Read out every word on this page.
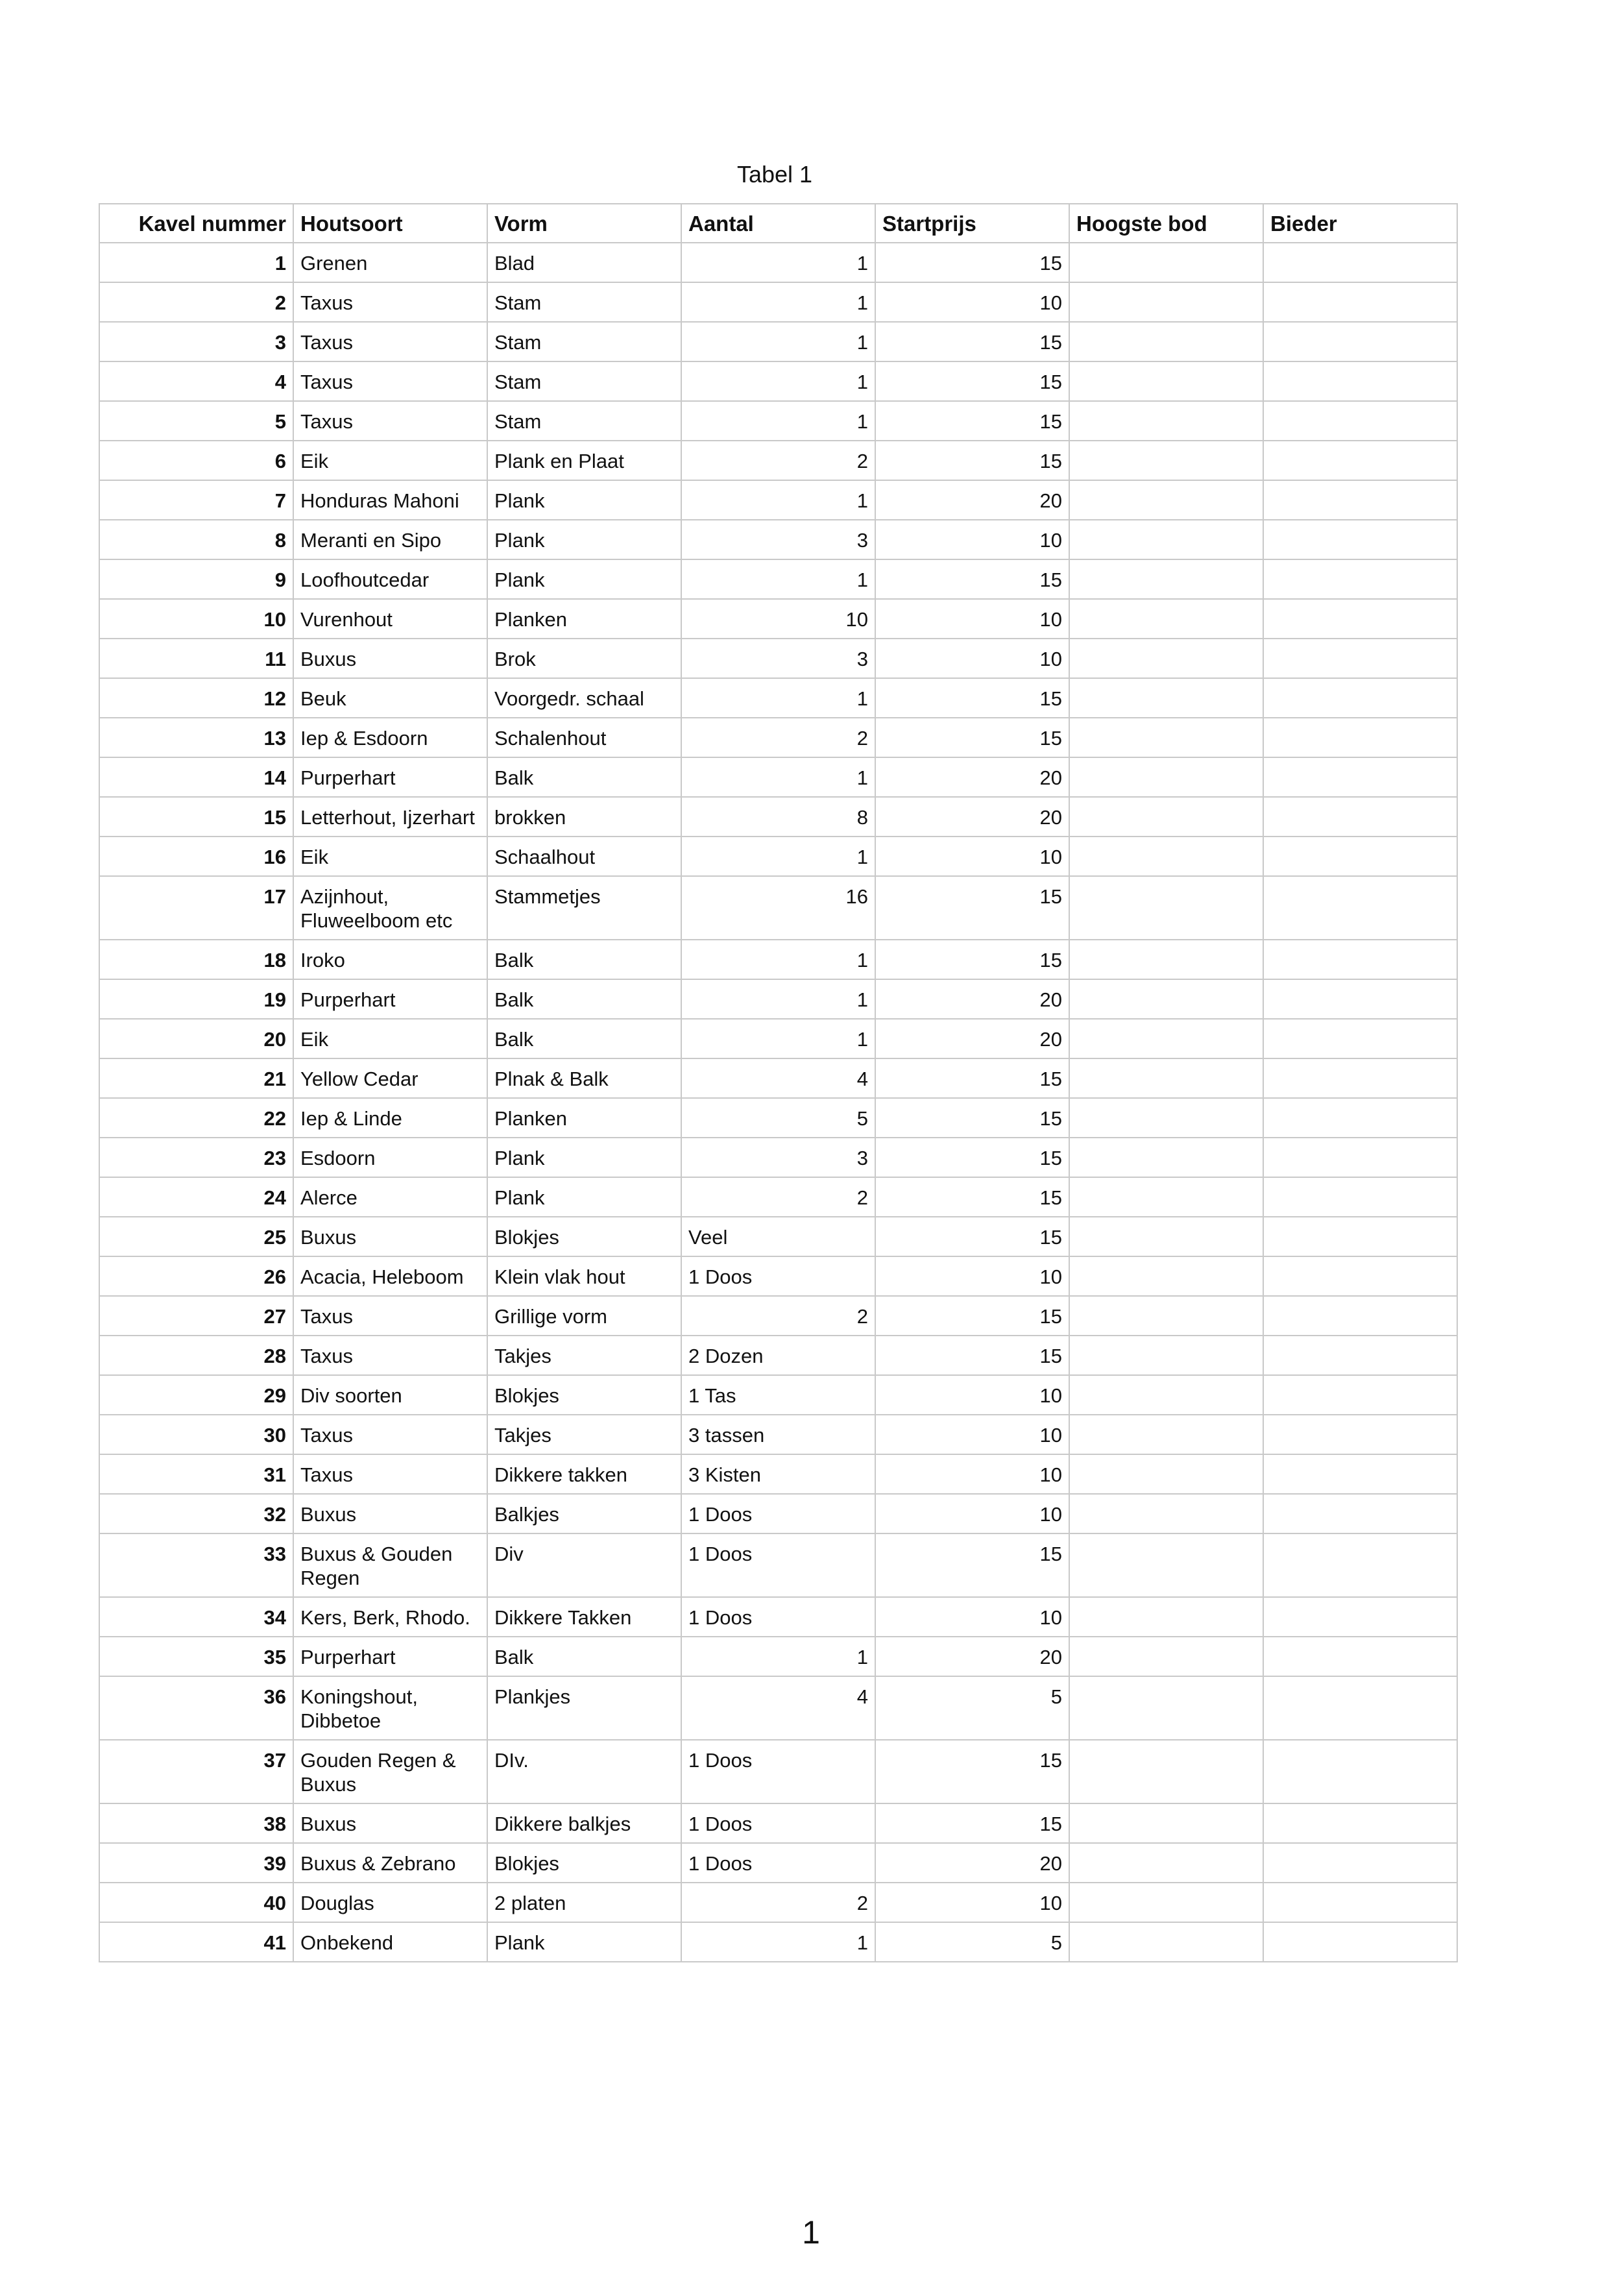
Tabel 1
Kavel nummer	Houtsoort	Vorm	Aantal	Startprijs	Hoogste bod	Bieder
1	Grenen	Blad	1	15		
2	Taxus	Stam	1	10		
3	Taxus	Stam	1	15		
4	Taxus	Stam	1	15		
5	Taxus	Stam	1	15		
6	Eik	Plank en Plaat	2	15		
7	Honduras Mahoni	Plank	1	20		
8	Meranti en Sipo	Plank	3	10		
9	Loofhoutcedar	Plank	1	15		
10	Vurenhout	Planken	10	10		
11	Buxus	Brok	3	10		
12	Beuk	Voorgedr. schaal	1	15		
13	Iep & Esdoorn	Schalenhout	2	15		
14	Purperhart	Balk	1	20		
15	Letterhout, Ijzerhart	brokken	8	20		
16	Eik	Schaalhout	1	10		
17	Azijnhout, Fluweelboom etc	Stammetjes	16	15		
18	Iroko	Balk	1	15		
19	Purperhart	Balk	1	20		
20	Eik	Balk	1	20		
21	Yellow Cedar	Plnak & Balk	4	15		
22	Iep & Linde	Planken	5	15		
23	Esdoorn	Plank	3	15		
24	Alerce	Plank	2	15		
25	Buxus	Blokjes	Veel	15		
26	Acacia, Heleboom	Klein vlak hout	1 Doos	10		
27	Taxus	Grillige vorm	2	15		
28	Taxus	Takjes	2 Dozen	15		
29	Div soorten	Blokjes	1 Tas	10		
30	Taxus	Takjes	3 tassen	10		
31	Taxus	Dikkere takken	3 Kisten	10		
32	Buxus	Balkjes	1 Doos	10		
33	Buxus & Gouden Regen	Div	1 Doos	15		
34	Kers, Berk, Rhodo.	Dikkere Takken	1 Doos	10		
35	Purperhart	Balk	1	20		
36	Koningshout, Dibbetoe	Plankjes	4	5		
37	Gouden Regen & Buxus	DIv.	1 Doos	15		
38	Buxus	Dikkere balkjes	1 Doos	15		
39	Buxus & Zebrano	Blokjes	1 Doos	20		
40	Douglas	2 platen	2	10		
41	Onbekend	Plank	1	5		
1
